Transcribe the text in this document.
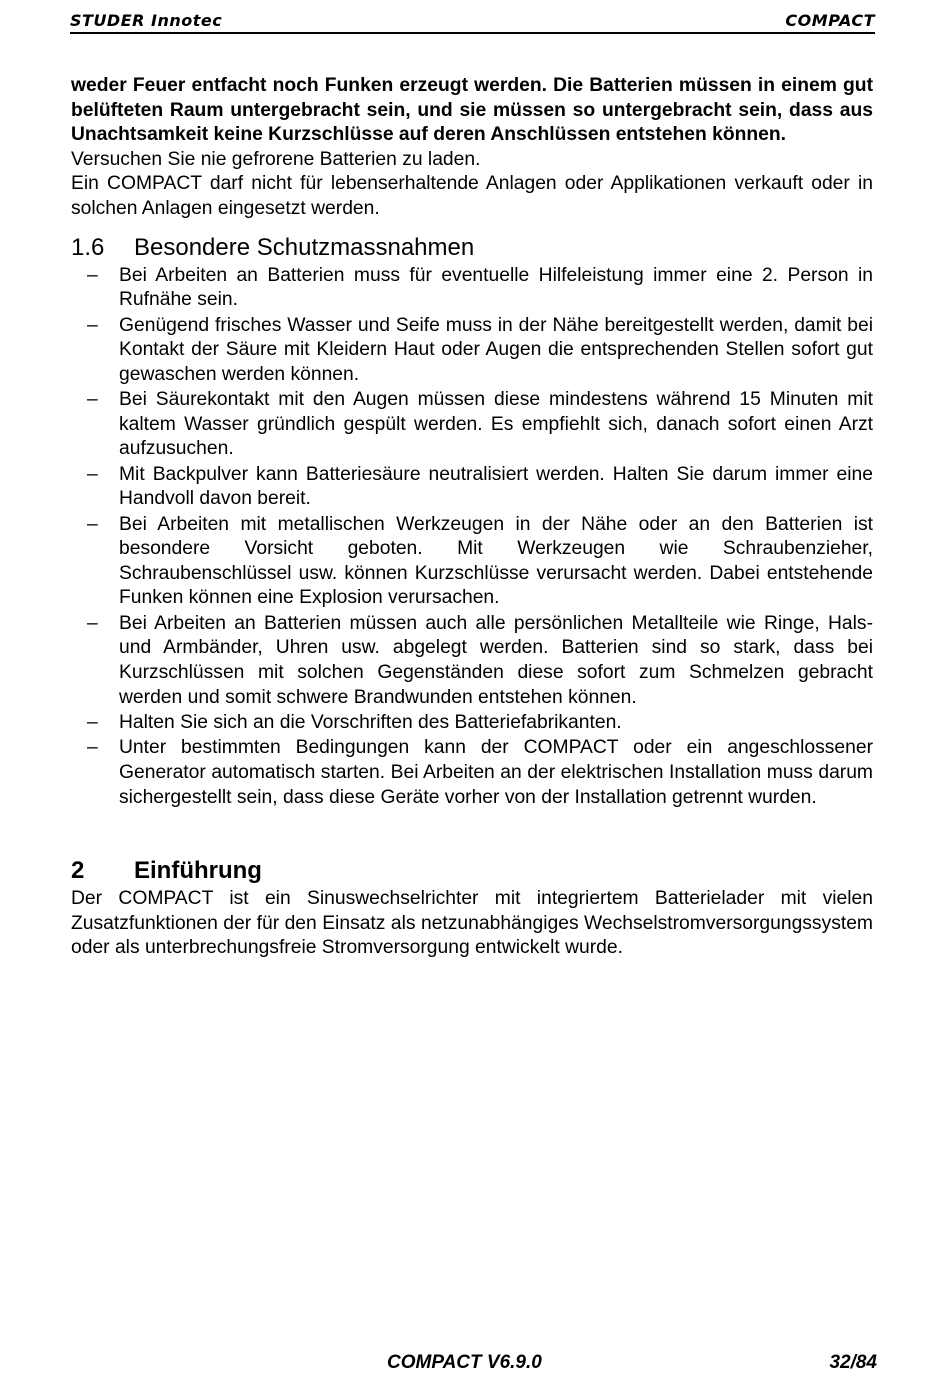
STUDER Innotec	COMPACT

weder Feuer entfacht noch Funken erzeugt werden. Die Batterien müssen in einem gut belüfteten Raum untergebracht sein, und sie müssen so untergebracht sein, dass aus Unachtsamkeit keine Kurzschlüsse auf deren Anschlüssen entstehen können.

Versuchen Sie nie gefrorene Batterien zu laden.

Ein COMPACT darf nicht für lebenserhaltende Anlagen oder Applikationen verkauft oder in solchen Anlagen eingesetzt werden.

1.6	Besondere Schutzmassnahmen
– Bei Arbeiten an Batterien muss für eventuelle Hilfeleistung immer eine 2. Person in Rufnähe sein.
– Genügend frisches Wasser und Seife muss in der Nähe bereitgestellt werden, damit bei Kontakt der Säure mit Kleidern Haut oder Augen die entsprechenden Stellen sofort gut gewaschen werden können.
– Bei Säurekontakt mit den Augen müssen diese mindestens während 15 Minuten mit kaltem Wasser gründlich gespült werden. Es empfiehlt sich, danach sofort einen Arzt aufzusuchen.
– Mit Backpulver kann Batteriesäure neutralisiert werden. Halten Sie darum immer eine Handvoll davon bereit.
– Bei Arbeiten mit metallischen Werkzeugen in der Nähe oder an den Batterien ist besondere Vorsicht geboten. Mit Werkzeugen wie Schraubenzieher, Schraubenschlüssel usw. können Kurzschlüsse verursacht werden. Dabei entstehende Funken können eine Explosion verursachen.
– Bei Arbeiten an Batterien müssen auch alle persönlichen Metallteile wie Ringe, Hals- und Armbänder, Uhren usw. abgelegt werden. Batterien sind so stark, dass bei Kurzschlüssen mit solchen Gegenständen diese sofort zum Schmelzen gebracht werden und somit schwere Brandwunden entstehen können.
– Halten Sie sich an die Vorschriften des Batteriefabrikanten.
– Unter bestimmten Bedingungen kann der COMPACT oder ein angeschlossener Generator automatisch starten. Bei Arbeiten an der elektrischen Installation muss darum sichergestellt sein, dass diese Geräte vorher von der Installation getrennt wurden.
2	Einführung

Der COMPACT ist ein Sinuswechselrichter mit integriertem Batterielader mit vielen Zusatzfunktionen der für den Einsatz als netzunabhängiges Wechselstromversorgungssystem oder als unterbrechungsfreie Stromversorgung entwickelt wurde.

COMPACT V6.9.0	32/84
